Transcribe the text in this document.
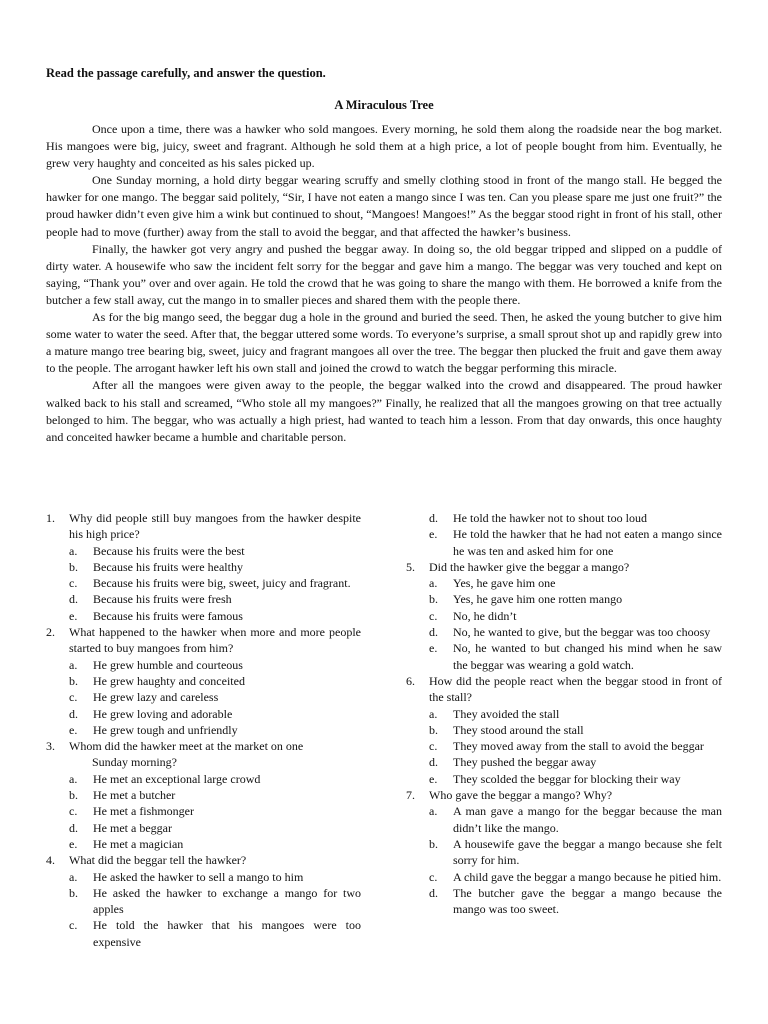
Read the passage carefully, and answer the question.

A Miraculous Tree

Once upon a time, there was a hawker who sold mangoes. Every morning, he sold them along the roadside near the bog market. His mangoes were big, juicy, sweet and fragrant. Although he sold them at a high price, a lot of people bought from him. Eventually, he grew very haughty and conceited as his sales picked up.

One Sunday morning, a hold dirty beggar wearing scruffy and smelly clothing stood in front of the mango stall. He begged the hawker for one mango. The beggar said politely, “Sir, I have not eaten a mango since I was ten. Can you please spare me just one fruit?” the proud hawker didn’t even give him a wink but continued to shout, “Mangoes! Mangoes!” As the beggar stood right in front of his stall, other people had to move (further) away from the stall to avoid the beggar, and that affected the hawker’s business.

Finally, the hawker got very angry and pushed the beggar away. In doing so, the old beggar tripped and slipped on a puddle of dirty water. A housewife who saw the incident felt sorry for the beggar and gave him a mango. The beggar was very touched and kept on saying, “Thank you” over and over again. He told the crowd that he was going to share the mango with them. He borrowed a knife from the butcher a few stall away, cut the mango in to smaller pieces and shared them with the people there.

As for the big mango seed, the beggar dug a hole in the ground and buried the seed. Then, he asked the young butcher to give him some water to water the seed. After that, the beggar uttered some words. To everyone’s surprise, a small sprout shot up and rapidly grew into a mature mango tree bearing big, sweet, juicy and fragrant mangoes all over the tree. The beggar then plucked the fruit and gave them away to the people. The arrogant hawker left his own stall and joined the crowd to watch the beggar performing this miracle.

After all the mangoes were given away to the people, the beggar walked into the crowd and disappeared. The proud hawker walked back to his stall and screamed, “Who stole all my mangoes?” Finally, he realized that all the mangoes growing on that tree actually belonged to him. The beggar, who was actually a high priest, had wanted to teach him a lesson. From that day onwards, this once haughty and conceited hawker became a humble and charitable person.

1.	Why did people still buy mangoes from the hawker despite his high price?
a.	Because his fruits were the best
b.	Because his fruits were healthy
c.	Because his fruits were big, sweet, juicy and fragrant.
d.	Because his fruits were fresh
e.	Because his fruits were famous
2.	What happened to the hawker when more and more people started to buy mangoes from him?
a.	He grew humble and courteous
b.	He grew haughty and conceited
c.	He grew lazy and careless
d.	He grew loving and adorable
e.	He grew tough and unfriendly
3.	Whom did the hawker meet at the market on one
Sunday morning?
a.	He met an exceptional large crowd
b.	He met a butcher
c.	He met a fishmonger
d.	He met a beggar
e.	He met a magician
4.	What did the beggar tell the hawker?
a.	He asked the hawker to sell a mango to him
b.	He asked the hawker to exchange a mango for two apples
c.	He told the hawker that his mangoes were too expensive
d.	He told the hawker not to shout too loud
e.	He told the hawker that he had not eaten a mango since he was ten and asked him for one
5.	Did the hawker give the beggar a mango?
a.	Yes, he gave him one
b.	Yes, he gave him one rotten mango
c.	No, he didn’t
d.	No, he wanted to give, but the beggar was too choosy
e.	No, he wanted to but changed his mind when he saw the beggar was wearing a gold watch.
6.	How did the people react when the beggar stood in front of the stall?
a.	They avoided the stall
b.	They stood around the stall
c.	They moved away from the stall to avoid the beggar
d.	They pushed the beggar away
e.	They scolded the beggar for blocking their way
7.	Who gave the beggar a mango? Why?
a.	A man gave a mango for the beggar because the man didn’t like the mango.
b.	A housewife gave the beggar a mango because she felt sorry for him.
c.	A child gave the beggar a mango because he pitied him.
d.	The butcher gave the beggar a mango because the mango was too sweet.
